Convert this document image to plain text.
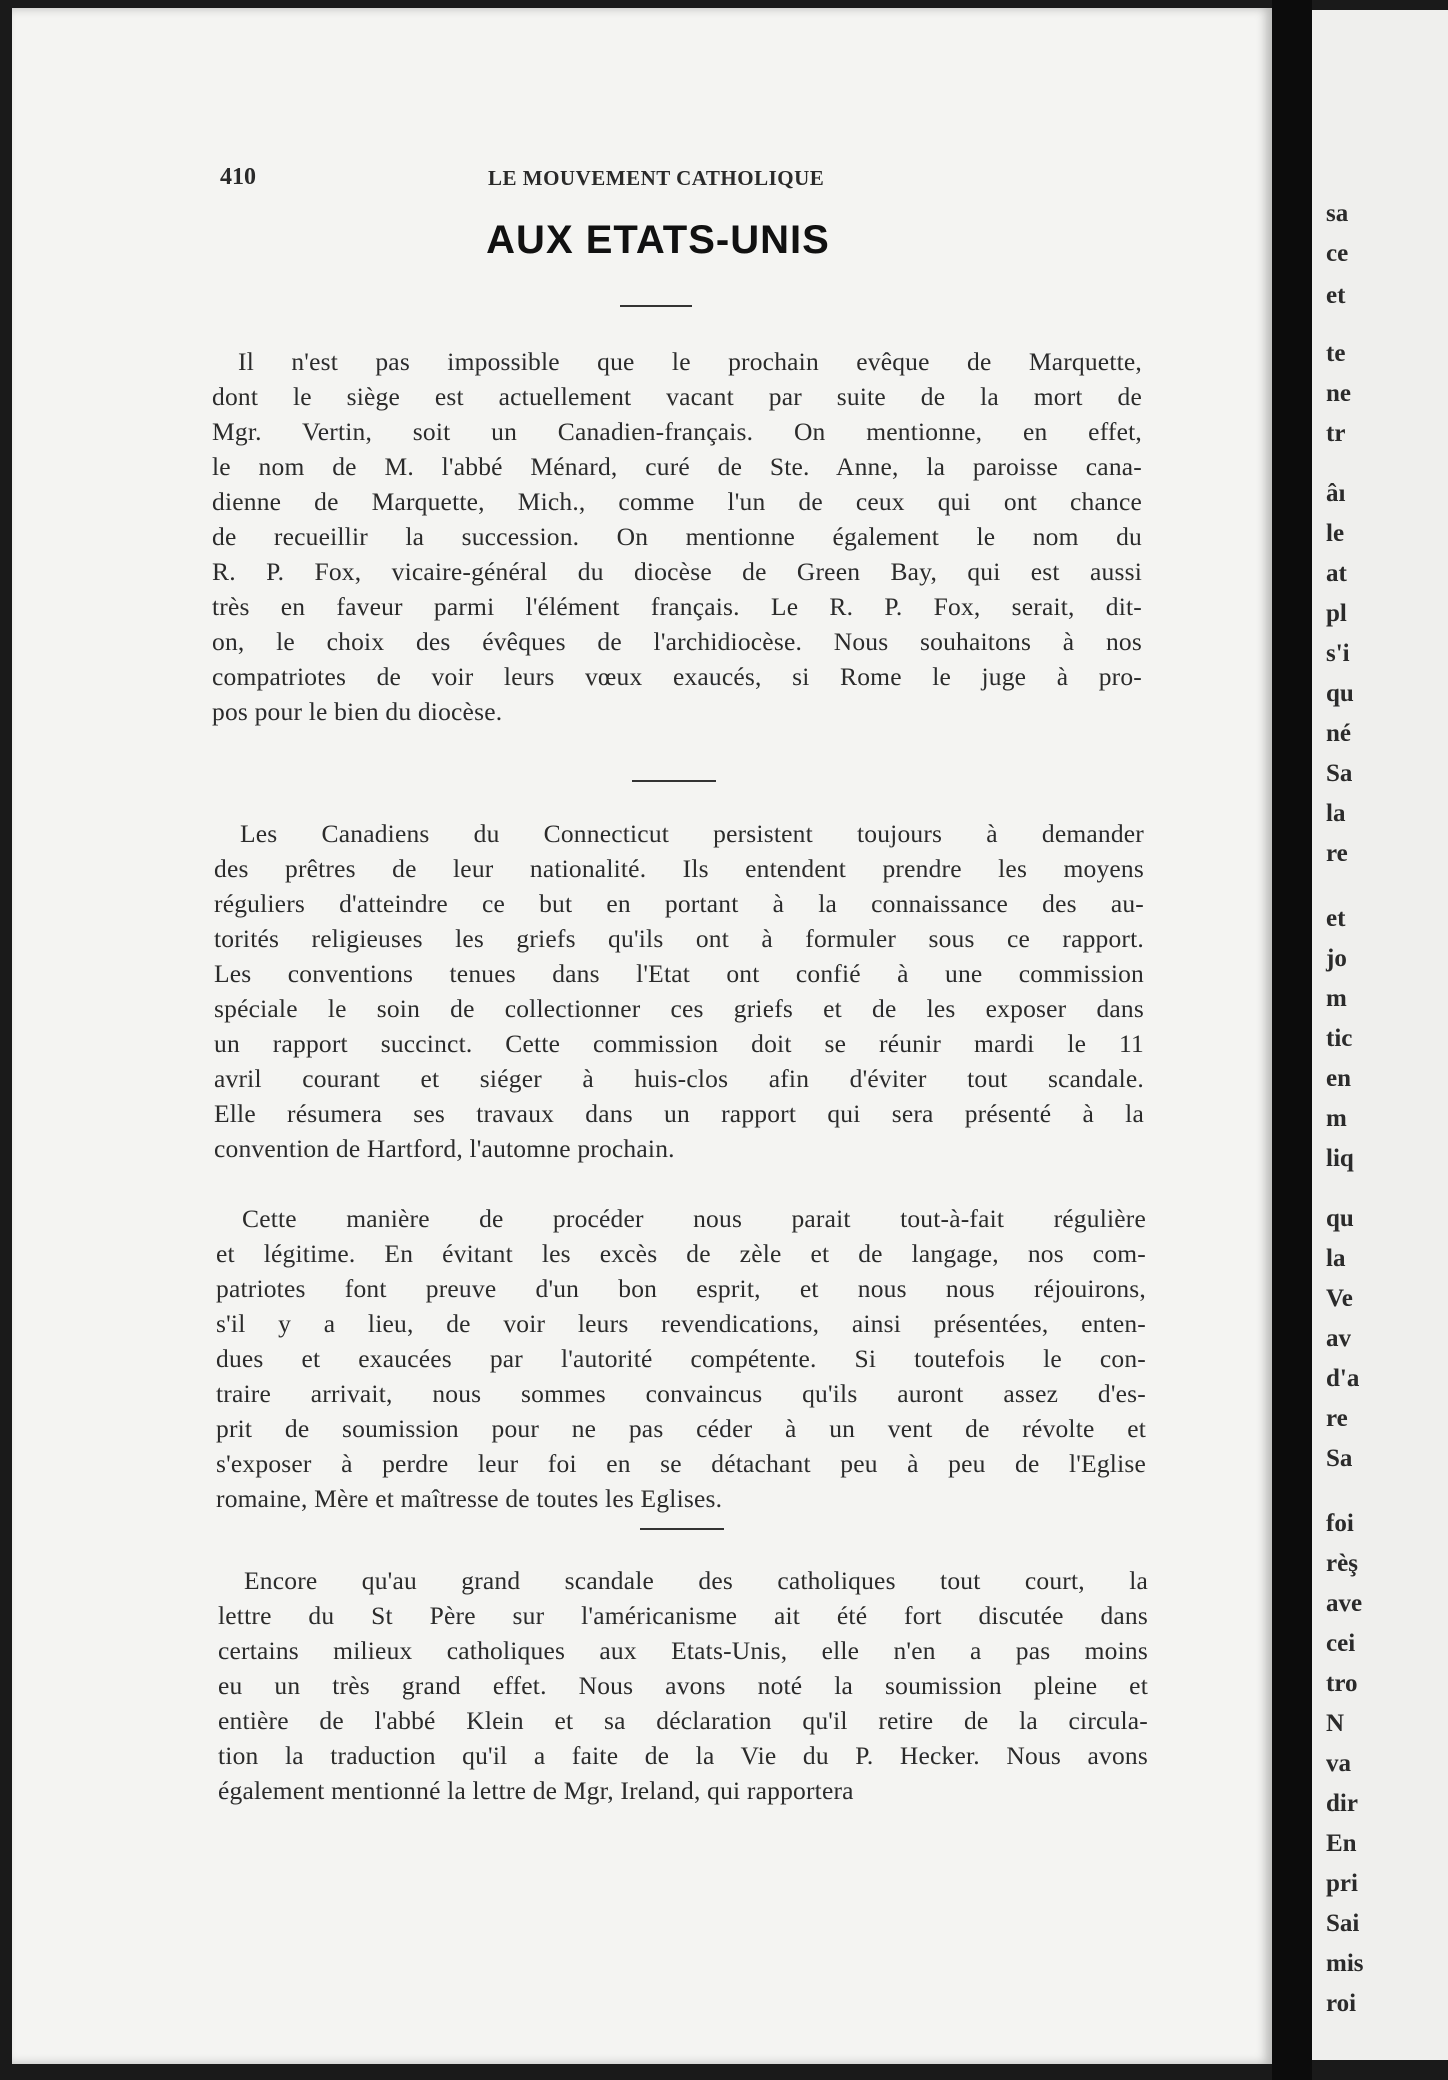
410	LE MOUVEMENT CATHOLIQUE
AUX ETATS-UNIS
Il n'est pas impossible que le prochain evêque de Marquette,
dont le siège est actuellement vacant par suite de la mort de
Mgr. Vertin, soit un Canadien-français. On mentionne, en effet,
le nom de M. l'abbé Ménard, curé de Ste. Anne, la paroisse cana-
dienne de Marquette, Mich., comme l'un de ceux qui ont chance
de recueillir la succession. On mentionne également le nom du
R. P. Fox, vicaire-général du diocèse de Green Bay, qui est aussi
très en faveur parmi l'élément français. Le R. P. Fox, serait, dit-
on, le choix des évêques de l'archidiocèse. Nous souhaitons à nos
compatriotes de voir leurs vœux exaucés, si Rome le juge à pro-
pos pour le bien du diocèse.
Les Canadiens du Connecticut persistent toujours à demander
des prêtres de leur nationalité. Ils entendent prendre les moyens
réguliers d'atteindre ce but en portant à la connaissance des au-
torités religieuses les griefs qu'ils ont à formuler sous ce rapport.
Les conventions tenues dans l'Etat ont confié à une commission
spéciale le soin de collectionner ces griefs et de les exposer dans
un rapport succinct. Cette commission doit se réunir mardi le 11
avril courant et siéger à huis-clos afin d'éviter tout scandale.
Elle résumera ses travaux dans un rapport qui sera présenté à la
convention de Hartford, l'automne prochain.
Cette manière de procéder nous parait tout-à-fait régulière
et légitime. En évitant les excès de zèle et de langage, nos com-
patriotes font preuve d'un bon esprit, et nous nous réjouirons,
s'il y a lieu, de voir leurs revendications, ainsi présentées, enten-
dues et exaucées par l'autorité compétente. Si toutefois le con-
traire arrivait, nous sommes convaincus qu'ils auront assez d'es-
prit de soumission pour ne pas céder à un vent de révolte et
s'exposer à perdre leur foi en se détachant peu à peu de l'Eglise
romaine, Mère et maîtresse de toutes les Eglises.
Encore qu'au grand scandale des catholiques tout court, la
lettre du St Père sur l'américanisme ait été fort discutée dans
certains milieux catholiques aux Etats-Unis, elle n'en a pas moins
eu un très grand effet. Nous avons noté la soumission pleine et
entière de l'abbé Klein et sa déclaration qu'il retire de la circula-
tion la traduction qu'il a faite de la Vie du P. Hecker. Nous avons
également mentionné la lettre de Mgr, Ireland, qui rapportera
sa
ce
et
te
ne
tr
âı
le
at
pl
s'i
qu
né
Sa
la
re
et
jo
m
tic
en
m
liq
qu
la
Ve
av
d'a
re
Sa
foi
rèş
ave
cei
tro
N
va
dir
En
pri
Sai
mis
roi
